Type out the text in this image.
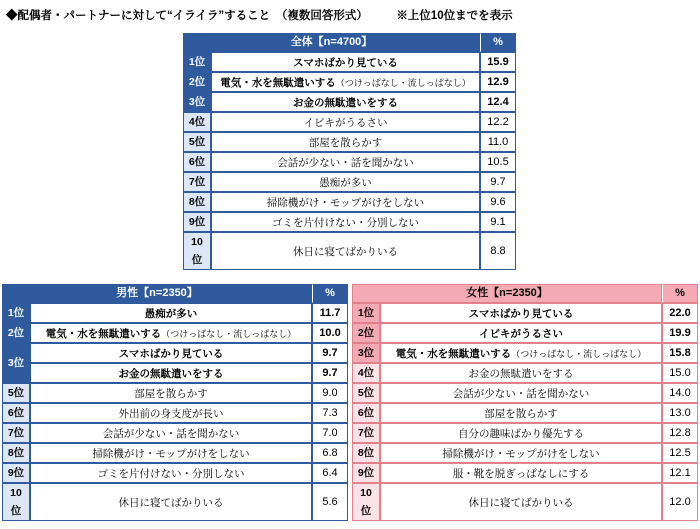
◆配偶者・パートナーに対して“イライラ”すること　（複数回答形式） ※上位10位までを表示
全体【n=4700】		%
1位	スマホばかり見ている	15.9
2位	電気・水を無駄遣いする（つけっぱなし・流しっぱなし）	12.9
3位	お金の無駄遣いをする	12.4
4位	イビキがうるさい	12.2
5位	部屋を散らかす	11.0
6位	会話が少ない・話を聞かない	10.5
7位	愚痴が多い	9.7
8位	掃除機がけ・モップがけをしない	9.6
9位	ゴミを片付けない・分別しない	9.1
10位	休日に寝てばかりいる	8.8
男性【n=2350】		%
1位	愚痴が多い	11.7
2位	電気・水を無駄遣いする（つけっぱなし・流しっぱなし）	10.0
3位	スマホばかり見ている	9.7
	お金の無駄遣いをする	9.7
5位	部屋を散らかす	9.0
6位	外出前の身支度が長い	7.3
7位	会話が少ない・話を聞かない	7.0
8位	掃除機がけ・モップがけをしない	6.8
9位	ゴミを片付けない・分別しない	6.4
10位	休日に寝てばかりいる	5.6
女性【n=2350】		%
1位	スマホばかり見ている	22.0
2位	イビキがうるさい	19.9
3位	電気・水を無駄遣いする（つけっぱなし・流しっぱなし）	15.8
4位	お金の無駄遣いをする	15.0
5位	会話が少ない・話を聞かない	14.0
6位	部屋を散らかす	13.0
7位	自分の趣味ばかり優先する	12.8
8位	掃除機がけ・モップがけをしない	12.5
9位	服・靴を脱ぎっぱなしにする	12.1
10位	休日に寝てばかりいる	12.0
